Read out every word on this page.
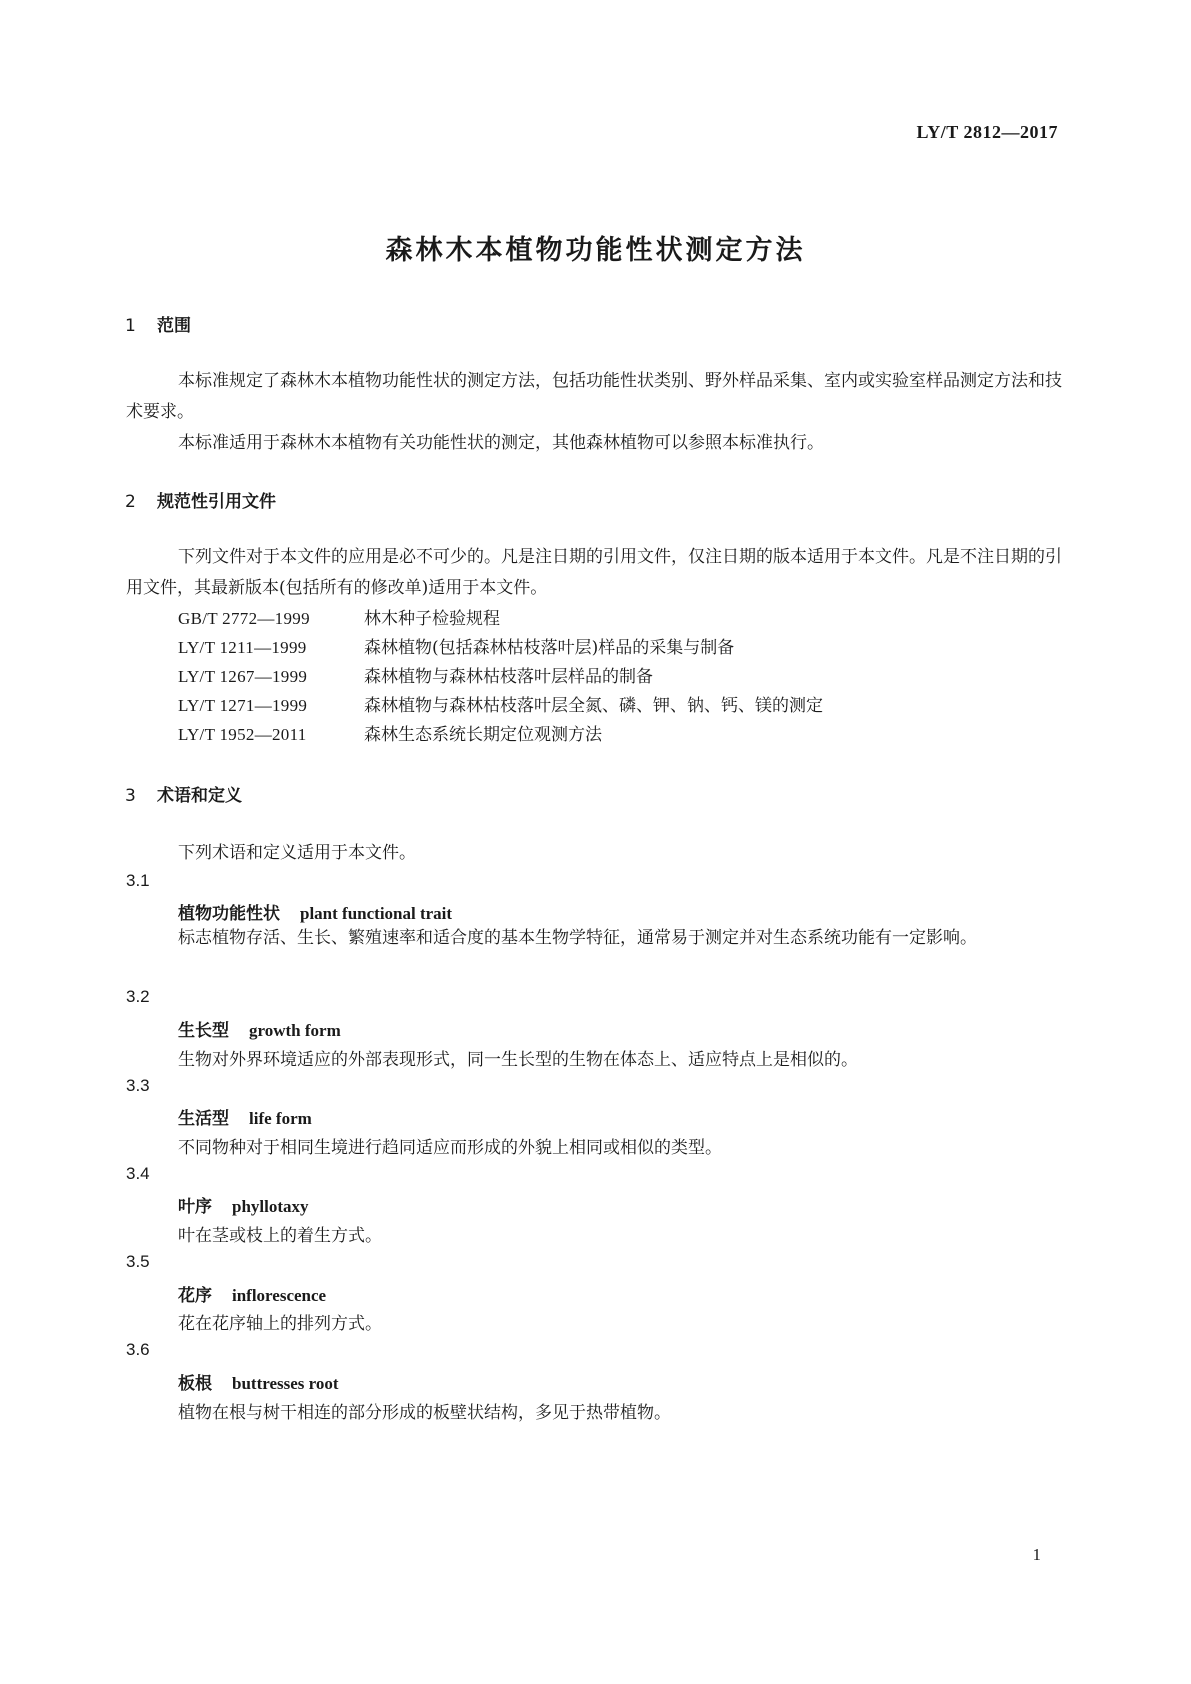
LY/T 2812—2017
森林木本植物功能性状测定方法
1 范围
本标准规定了森林木本植物功能性状的测定方法，包括功能性状类别、野外样品采集、室内或实验室样品测定方法和技术要求。
本标准适用于森林木本植物有关功能性状的测定，其他森林植物可以参照本标准执行。
2 规范性引用文件
下列文件对于本文件的应用是必不可少的。凡是注日期的引用文件，仅注日期的版本适用于本文件。凡是不注日期的引用文件，其最新版本(包括所有的修改单)适用于本文件。
GB/T 2772—1999	林木种子检验规程
LY/T 1211—1999	森林植物(包括森林枯枝落叶层)样品的采集与制备
LY/T 1267—1999	森林植物与森林枯枝落叶层样品的制备
LY/T 1271—1999	森林植物与森林枯枝落叶层全氮、磷、钾、钠、钙、镁的测定
LY/T 1952—2011	森林生态系统长期定位观测方法
3 术语和定义
下列术语和定义适用于本文件。
3.1
植物功能性状 plant functional trait
标志植物存活、生长、繁殖速率和适合度的基本生物学特征，通常易于测定并对生态系统功能有一定影响。
3.2
生长型 growth form
生物对外界环境适应的外部表现形式，同一生长型的生物在体态上、适应特点上是相似的。
3.3
生活型 life form
不同物种对于相同生境进行趋同适应而形成的外貌上相同或相似的类型。
3.4
叶序 phyllotaxy
叶在茎或枝上的着生方式。
3.5
花序 inflorescence
花在花序轴上的排列方式。
3.6
板根 buttresses root
植物在根与树干相连的部分形成的板壁状结构，多见于热带植物。
1
